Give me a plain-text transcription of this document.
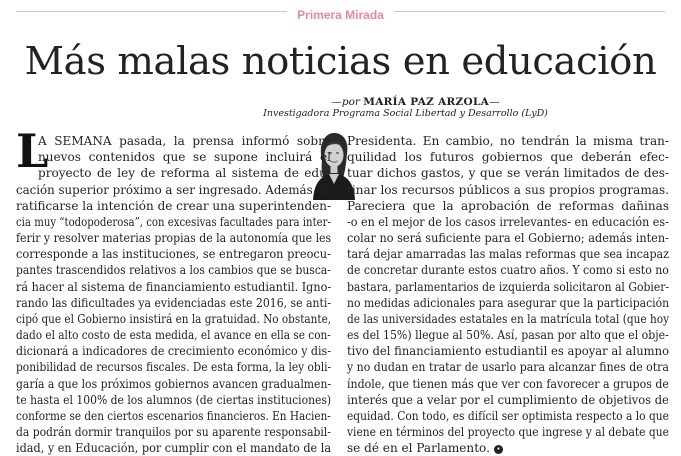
Primera Mirada
Más malas noticias en educación
—por MARÍA PAZ ARZOLA—
Investigadora Programa Social Libertad y Desarrollo (LyD)
L
A SEMANA pasada, la prensa informó sobre
nuevos contenidos que se supone incluirá el
proyecto de ley de reforma al sistema de edu-
cación superior próximo a ser ingresado. Además de
ratificarse la intención de crear una superintenden-
cia muy “todopoderosa”, con excesivas facultades para inter-
ferir y resolver materias propias de la autonomía que les
corresponde a las instituciones, se entregaron preocu-
pantes trascendidos relativos a los cambios que se busca-
rá hacer al sistema de financiamiento estudiantil. Igno-
rando las dificultades ya evidenciadas este 2016, se anti-
cipó que el Gobierno insistirá en la gratuidad. No obstante,
dado el alto costo de esta medida, el avance en ella se con-
dicionará a indicadores de crecimiento económico y dis-
ponibilidad de recursos fiscales. De esta forma, la ley obli-
garía a que los próximos gobiernos avancen gradualmen-
te hasta el 100% de los alumnos (de ciertas instituciones)
conforme se den ciertos escenarios financieros. En Hacien-
da podrán dormir tranquilos por su aparente responsabil-
idad, y en Educación, por cumplir con el mandato de la
Presidenta. En cambio, no tendrán la misma tran-
quilidad los futuros gobiernos que deberán efec-
tuar dichos gastos, y que se verán limitados de des-
tinar los recursos públicos a sus propios programas.
Pareciera que la aprobación de reformas dañinas
-o en el mejor de los casos irrelevantes- en educación es-
colar no será suficiente para el Gobierno; además inten-
tará dejar amarradas las malas reformas que sea incapaz
de concretar durante estos cuatro años. Y como si esto no
bastara, parlamentarios de izquierda solicitaron al Gobier-
no medidas adicionales para asegurar que la participación
de las universidades estatales en la matrícula total (que hoy
es del 15%) llegue al 50%. Así, pasan por alto que el obje-
tivo del financiamiento estudiantil es apoyar al alumno
y no dudan en tratar de usarlo para alcanzar fines de otra
índole, que tienen más que ver con favorecer a grupos de
interés que a velar por el cumplimiento de objetivos de
equidad. Con todo, es difícil ser optimista respecto a lo que
viene en términos del proyecto que ingrese y al debate que
se dé en el Parlamento. •
